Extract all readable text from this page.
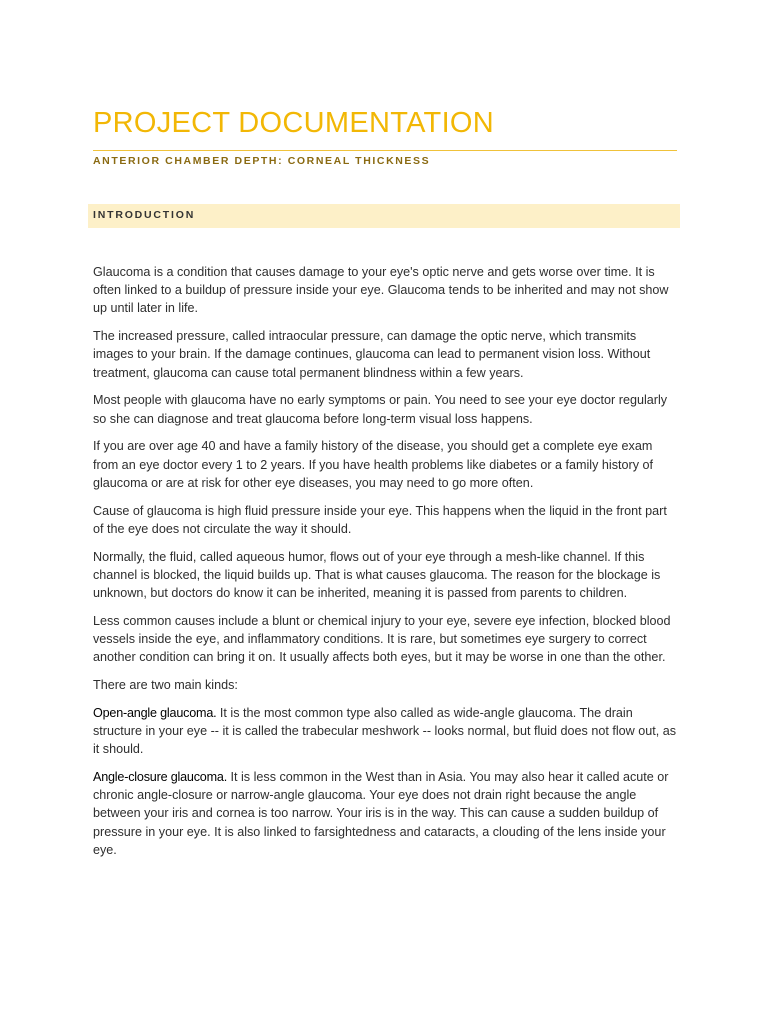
PROJECT DOCUMENTATION
ANTERIOR CHAMBER DEPTH: CORNEAL THICKNESS
INTRODUCTION

Glaucoma is a condition that causes damage to your eye's optic nerve and gets worse over time. It is often linked to a buildup of pressure inside your eye. Glaucoma tends to be inherited and may not show up until later in life.

The increased pressure, called intraocular pressure, can damage the optic nerve, which transmits images to your brain. If the damage continues, glaucoma can lead to permanent vision loss. Without treatment, glaucoma can cause total permanent blindness within a few years.

Most people with glaucoma have no early symptoms or pain. You need to see your eye doctor regularly so she can diagnose and treat glaucoma before long-term visual loss happens.

If you are over age 40 and have a family history of the disease, you should get a complete eye exam from an eye doctor every 1 to 2 years. If you have health problems like diabetes or a family history of glaucoma or are at risk for other eye diseases, you may need to go more often.

Cause of glaucoma is high fluid pressure inside your eye. This happens when the liquid in the front part of the eye does not circulate the way it should.

Normally, the fluid, called aqueous humor, flows out of your eye through a mesh-like channel. If this channel is blocked, the liquid builds up. That is what causes glaucoma. The reason for the blockage is unknown, but doctors do know it can be inherited, meaning it is passed from parents to children.

Less common causes include a blunt or chemical injury to your eye, severe eye infection, blocked blood vessels inside the eye, and inflammatory conditions. It is rare, but sometimes eye surgery to correct another condition can bring it on. It usually affects both eyes, but it may be worse in one than the other.

There are two main kinds:

Open-angle glaucoma. It is the most common type also called as wide-angle glaucoma. The drain structure in your eye -- it is called the trabecular meshwork -- looks normal, but fluid does not flow out, as it should.

Angle-closure glaucoma. It is less common in the West than in Asia. You may also hear it called acute or chronic angle-closure or narrow-angle glaucoma. Your eye does not drain right because the angle between your iris and cornea is too narrow. Your iris is in the way. This can cause a sudden buildup of pressure in your eye. It is also linked to farsightedness and cataracts, a clouding of the lens inside your eye.
